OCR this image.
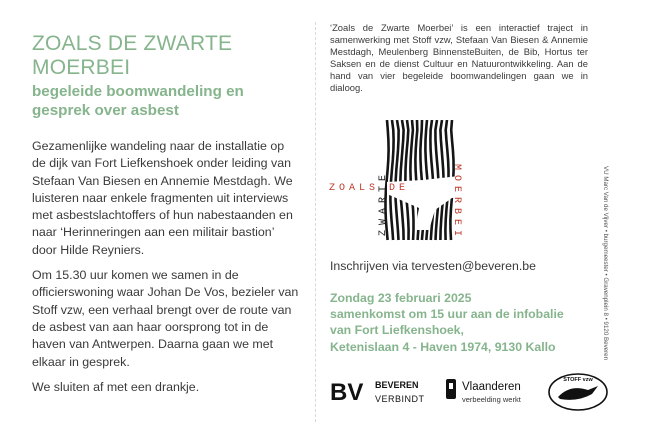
ZOALS DE ZWARTE MOERBEI
begeleide boomwandeling en
gesprek over asbest

Gezamenlijke wandeling naar de installatie op de dijk van Fort Liefkenshoek onder leiding van Stefaan Van Biesen en Annemie Mestdagh. We luisteren naar enkele fragmenten uit interviews met asbestslachtoffers of hun nabestaanden en naar ‘Herinneringen aan een militair bastion’ door Hilde Reyniers.

Om 15.30 uur komen we samen in de officierswoning waar Johan De Vos, bezieler van Stoff vzw, een verhaal brengt over de route van de asbest van aan haar oorsprong tot in de haven van Antwerpen. Daarna gaan we met elkaar in gesprek.

We sluiten af met een drankje.

‘Zoals de Zwarte Moerbei’ is een interactief traject in samenwerking met Stoff vzw, Stefaan Van Biesen & Annemie Mestdagh, Meulenberg BinnensteBuiten, de Bib, Hortus ter Saksen en de dienst Cultuur en Natuurontwikkeling. Aan de hand van vier begeleide boomwandelingen gaan we in dialoog.

ZOALS DE
ZWARTE	MOERBEI

Inschrijven via tervesten@beveren.be

Zondag 23 februari 2025
samenkomst om 15 uur aan de infobalie
van Fort Liefkenshoek,
Ketenislaan 4 - Haven 1974, 9130 Kallo
BV BEVEREN
VERBINDT
Vlaanderen
verbeelding werkt
STOFF vzw
VU Marc Van de Vijver • burgemeester • Gravenplein 8 • 9120 Beveren
